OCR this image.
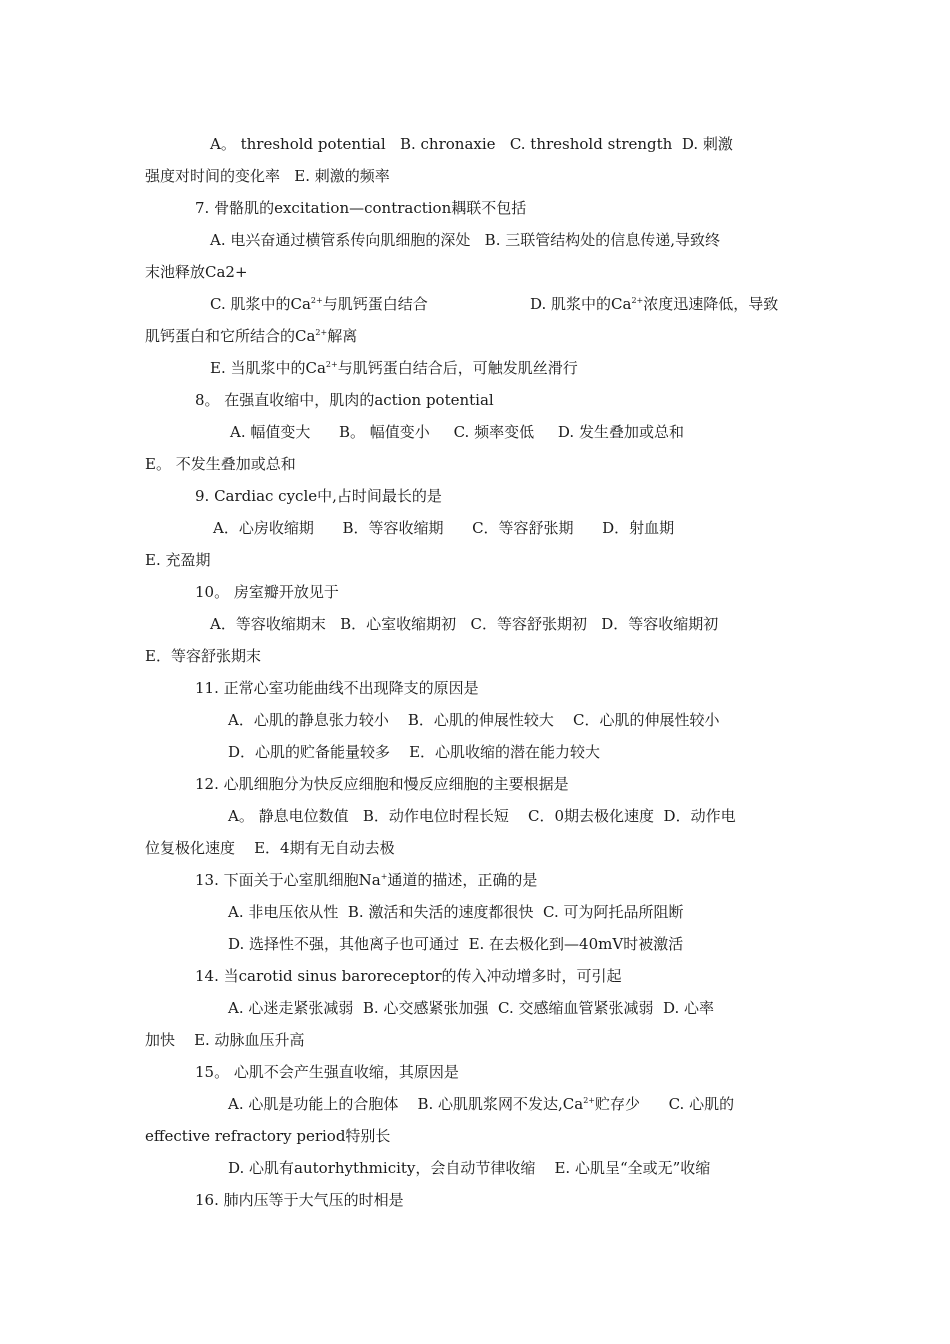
A。 threshold potential   B. chronaxie   C. threshold strength  D. 刺激
强度对时间的变化率   E. 刺激的频率
7. 骨骼肌的excitation—contraction耦联不包括
A. 电兴奋通过横管系传向肌细胞的深处   B. 三联管结构处的信息传递,导致终
末池释放Ca2+
C. 肌浆中的$Ca^{2+}$与肌钙蛋白结合	D. 肌浆中的$Ca^{2+}$浓度迅速降低，导致
肌钙蛋白和它所结合的$Ca^{2+}$解离
E. 当肌浆中的$Ca^{2+}$与肌钙蛋白结合后，可触发肌丝滑行
8。 在强直收缩中，肌肉的action potential
A. 幅值变大      B。 幅值变小     C. 频率变低     D. 发生叠加或总和
E。 不发生叠加或总和
9. Cardiac cycle中,占时间最长的是
A．心房收缩期      B．等容收缩期      C．等容舒张期      D．射血期
E. 充盈期
10。 房室瓣开放见于
A．等容收缩期末   B．心室收缩期初   C．等容舒张期初   D．等容收缩期初
E．等容舒张期末
11. 正常心室功能曲线不出现降支的原因是
A．心肌的静息张力较小    B．心肌的伸展性较大    C．心肌的伸展性较小
D．心肌的贮备能量较多    E．心肌收缩的潜在能力较大
12. 心肌细胞分为快反应细胞和慢反应细胞的主要根据是
A。 静息电位数值   B．动作电位时程长短    C．0期去极化速度  D．动作电
位复极化速度    E．4期有无自动去极
13. 下面关于心室肌细胞Na+通道的描述，正确的是
A. 非电压依从性  B. 激活和失活的速度都很快  C. 可为阿托品所阻断
D. 选择性不强，其他离子也可通过  E. 在去极化到—40mV时被激活
14. 当carotid sinus baroreceptor的传入冲动增多时，可引起
A. 心迷走紧张减弱  B. 心交感紧张加强  C. 交感缩血管紧张减弱  D. 心率
加快    E. 动脉血压升高
15。 心肌不会产生强直收缩，其原因是
A. 心肌是功能上的合胞体    B. 心肌肌浆网不发达$,Ca^{2+}$贮存少      C. 心肌的
effective refractory period特别长
D. 心肌有autorhythmicity，会自动节律收缩    E. 心肌呈“全或无”收缩
16. 肺内压等于大气压的时相是
